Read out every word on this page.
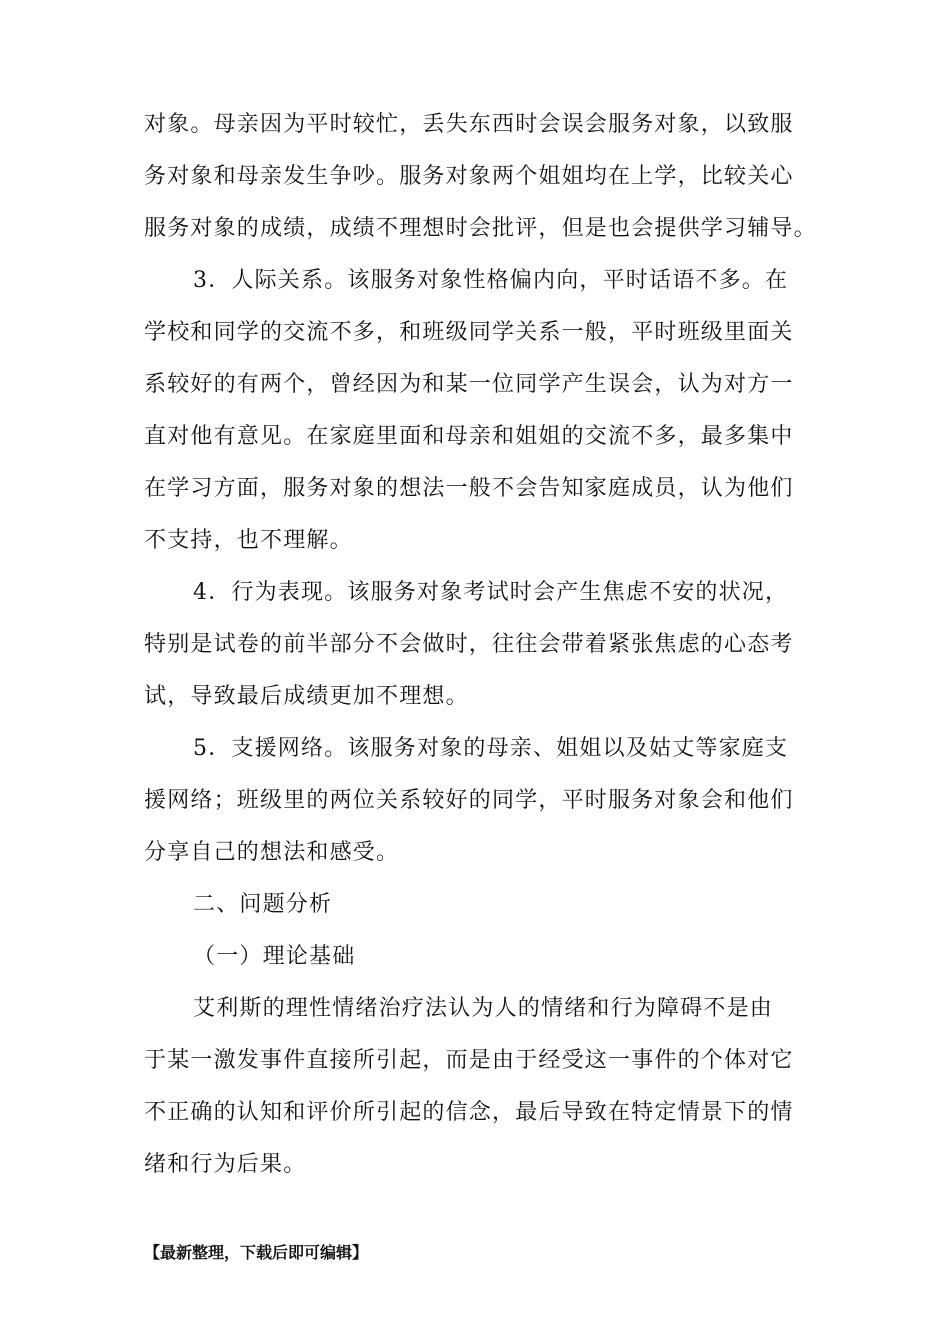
对象。母亲因为平时较忙，丢失东西时会误会服务对象，以致服
务对象和母亲发生争吵。服务对象两个姐姐均在上学，比较关心
服务对象的成绩，成绩不理想时会批评，但是也会提供学习辅导。
3．人际关系。该服务对象性格偏内向，平时话语不多。在
学校和同学的交流不多，和班级同学关系一般，平时班级里面关
系较好的有两个，曾经因为和某一位同学产生误会，认为对方一
直对他有意见。在家庭里面和母亲和姐姐的交流不多，最多集中
在学习方面，服务对象的想法一般不会告知家庭成员，认为他们
不支持，也不理解。
4．行为表现。该服务对象考试时会产生焦虑不安的状况，
特别是试卷的前半部分不会做时，往往会带着紧张焦虑的心态考
试，导致最后成绩更加不理想。
5．支援网络。该服务对象的母亲、姐姐以及姑丈等家庭支
援网络；班级里的两位关系较好的同学，平时服务对象会和他们
分享自己的想法和感受。
二、问题分析
（一）理论基础
艾利斯的理性情绪治疗法认为人的情绪和行为障碍不是由
于某一激发事件直接所引起，而是由于经受这一事件的个体对它
不正确的认知和评价所引起的信念，最后导致在特定情景下的情
绪和行为后果。
【最新整理，下载后即可编辑】
